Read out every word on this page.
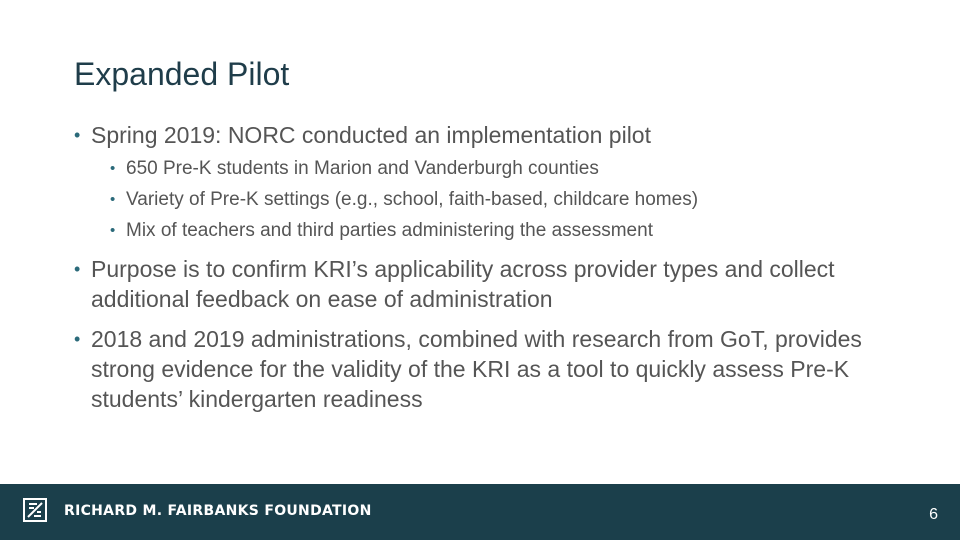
Expanded Pilot
• Spring 2019: NORC conducted an implementation pilot
• 650 Pre-K students in Marion and Vanderburgh counties
• Variety of Pre-K settings (e.g., school, faith-based, childcare homes)
• Mix of teachers and third parties administering the assessment
• Purpose is to confirm KRI’s applicability across provider types and collect additional feedback on ease of administration
• 2018 and 2019 administrations, combined with research from GoT, provides strong evidence for the validity of the KRI as a tool to quickly assess Pre-K students’ kindergarten readiness
RICHARD M. FAIRBANKS FOUNDATION	6
